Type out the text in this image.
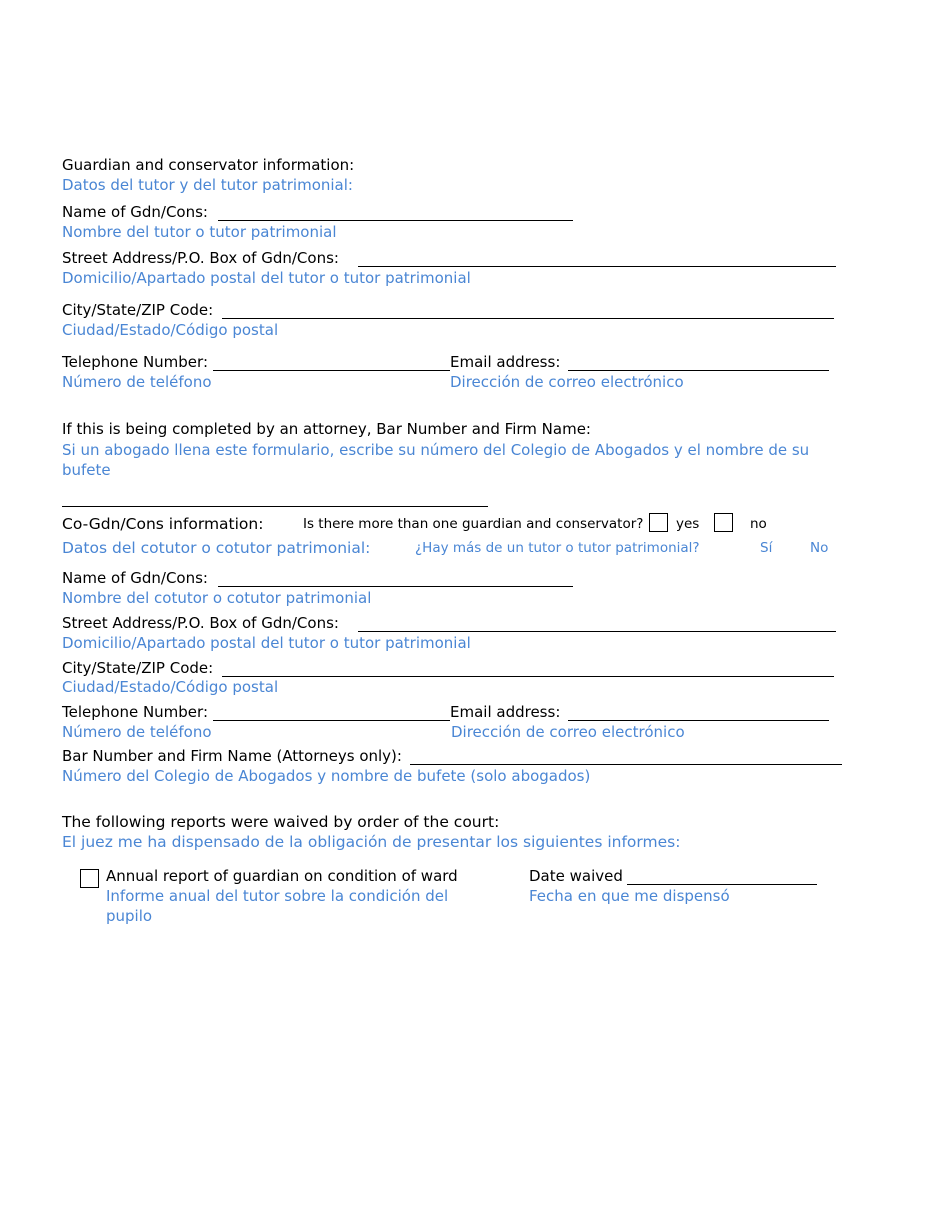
Guardian and conservator information:
Datos del tutor y del tutor patrimonial:
Name of Gdn/Cons:
Nombre del tutor o tutor patrimonial
Street Address/P.O. Box of Gdn/Cons:
Domicilio/Apartado postal del tutor o tutor patrimonial
City/State/ZIP Code:
Ciudad/Estado/Código postal
Telephone Number:
Número de teléfono
Email address:
Dirección de correo electrónico
If this is being completed by an attorney, Bar Number and Firm Name:
Si un abogado llena este formulario, escribe su número del Colegio de Abogados y el nombre de su bufete
Co-Gdn/Cons information:	Is there more than one guardian and conservator? yes	no
Datos del cotutor o cotutor patrimonial:	¿Hay más de un tutor o tutor patrimonial?	Sí	No
Name of Gdn/Cons:
Nombre del cotutor o cotutor patrimonial
Street Address/P.O. Box of Gdn/Cons:
Domicilio/Apartado postal del tutor o tutor patrimonial
City/State/ZIP Code:
Ciudad/Estado/Código postal
Telephone Number:
Número de teléfono
Email address:
Dirección de correo electrónico
Bar Number and Firm Name (Attorneys only):
Número del Colegio de Abogados y nombre de bufete (solo abogados)
The following reports were waived by order of the court:
El juez me ha dispensado de la obligación de presentar los siguientes informes:
Annual report of guardian on condition of ward
Informe anual del tutor sobre la condición del pupilo
Date waived
Fecha en que me dispensó
